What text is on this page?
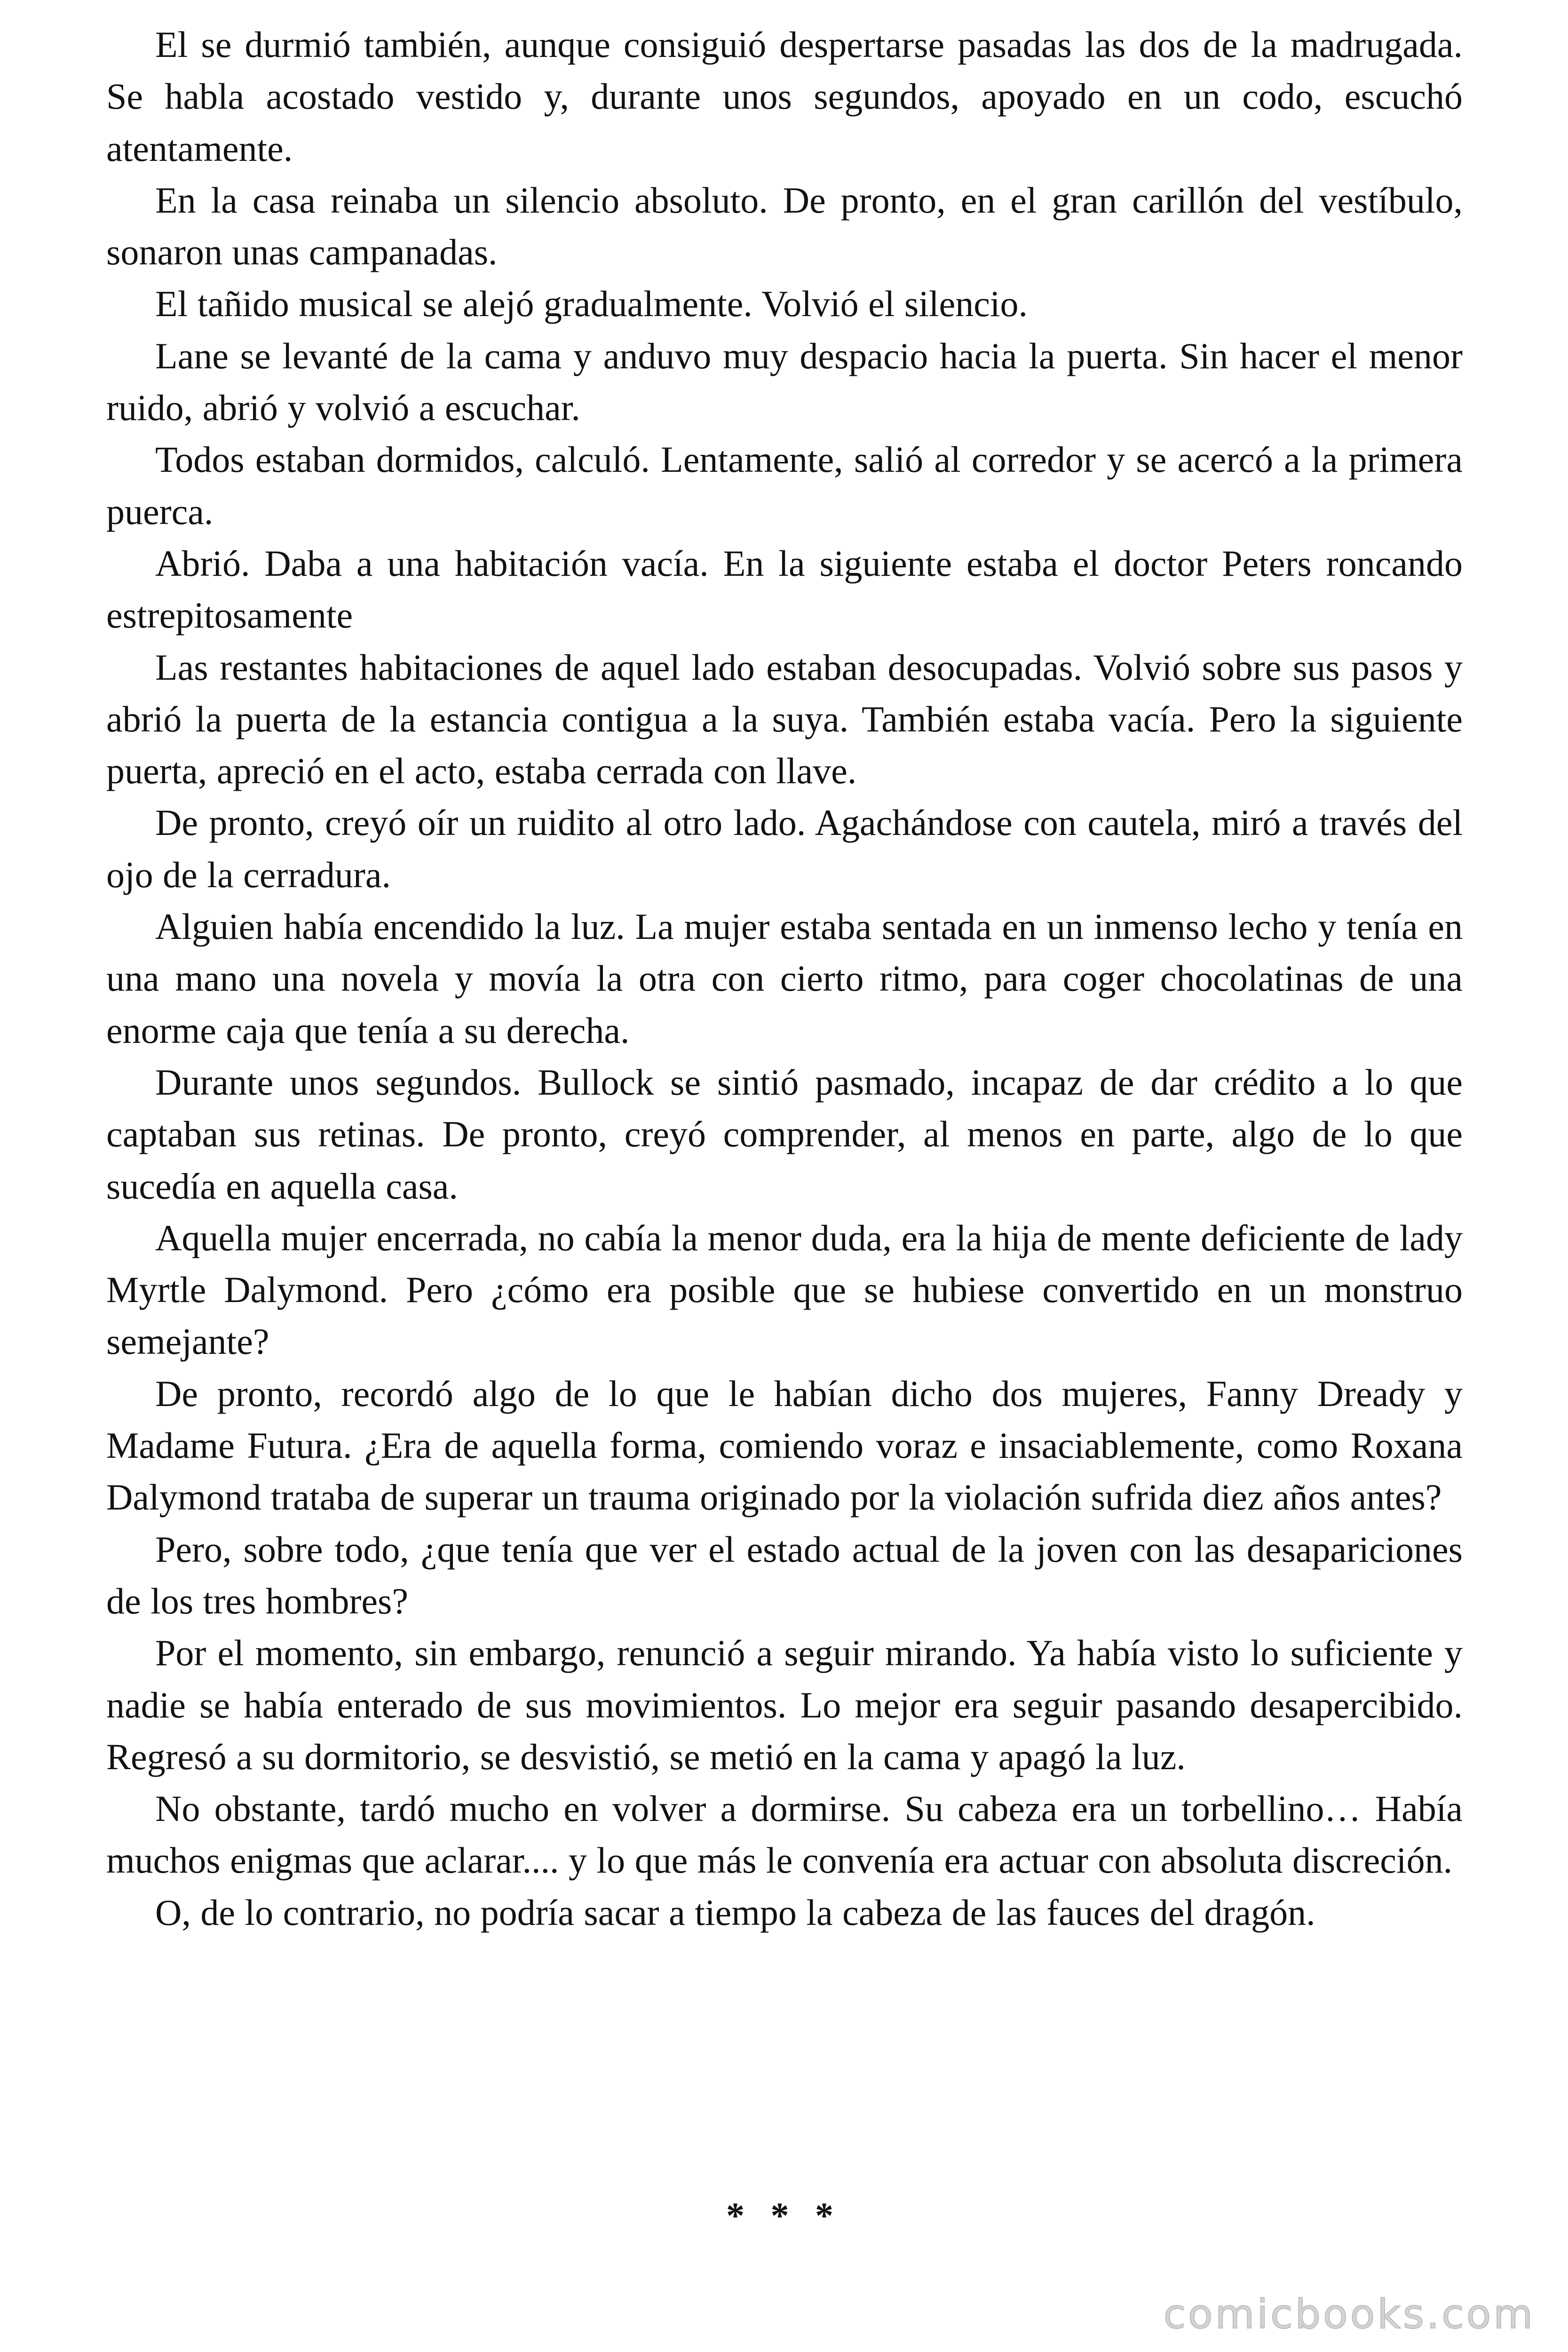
El se durmió también, aunque consiguió despertarse pasadas las dos de la madrugada. Se habla acostado vestido y, durante unos segundos, apoyado en un codo, escuchó atentamente.

En la casa reinaba un silencio absoluto. De pronto, en el gran carillón del vestíbulo, sonaron unas campanadas.

El tañido musical se alejó gradualmente. Volvió el silencio.

Lane se levanté de la cama y anduvo muy despacio hacia la puerta. Sin hacer el menor ruido, abrió y volvió a escuchar.

Todos estaban dormidos, calculó. Lentamente, salió al corredor y se acercó a la primera puerca.

Abrió. Daba a una habitación vacía. En la siguiente estaba el doctor Peters roncando estrepitosamente

Las restantes habitaciones de aquel lado estaban desocupadas. Volvió sobre sus pasos y abrió la puerta de la estancia contigua a la suya. También estaba vacía. Pero la siguiente puerta, apreció en el acto, estaba cerrada con llave.

De pronto, creyó oír un ruidito al otro lado. Agachándose con cautela, miró a través del ojo de la cerradura.

Alguien había encendido la luz. La mujer estaba sentada en un inmenso lecho y tenía en una mano una novela y movía la otra con cierto ritmo, para coger chocolatinas de una enorme caja que tenía a su derecha.

Durante unos segundos. Bullock se sintió pasmado, incapaz de dar crédito a lo que captaban sus retinas. De pronto, creyó comprender, al menos en parte, algo de lo que sucedía en aquella casa.

Aquella mujer encerrada, no cabía la menor duda, era la hija de mente deficiente de lady Myrtle Dalymond. Pero ¿cómo era posible que se hubiese convertido en un monstruo semejante?

De pronto, recordó algo de lo que le habían dicho dos mujeres, Fanny Dready y Madame Futura. ¿Era de aquella forma, comiendo voraz e insaciablemente, como Roxana Dalymond trataba de superar un trauma originado por la violación sufrida diez años antes?

Pero, sobre todo, ¿que tenía que ver el estado actual de la joven con las desapariciones de los tres hombres?

Por el momento, sin embargo, renunció a seguir mirando. Ya había visto lo suficiente y nadie se había enterado de sus movimientos. Lo mejor era seguir pasando desapercibido. Regresó a su dormitorio, se desvistió, se metió en la cama y apagó la luz.

No obstante, tardó mucho en volver a dormirse. Su cabeza era un torbellino… Había muchos enigmas que aclarar.... y lo que más le convenía era actuar con absoluta discreción.

O, de lo contrario, no podría sacar a tiempo la cabeza de las fauces del dragón.

* * *
comicbooks.com
